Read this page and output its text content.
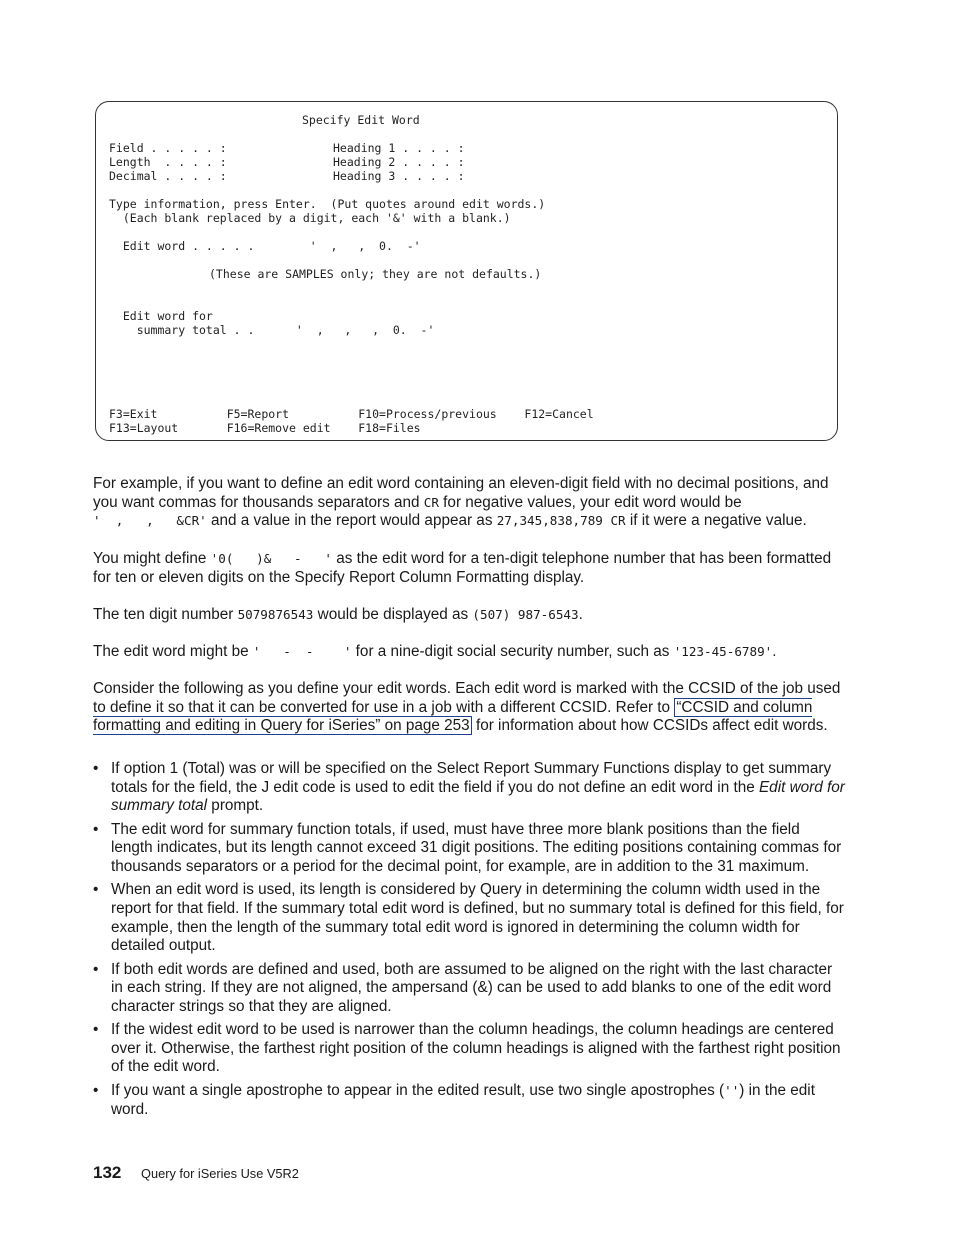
Specify Edit Word
Field . . . . . :
Length  . . . . :
Decimal . . . . :
Heading 1 . . . . :
Heading 2 . . . . :
Heading 3 . . . . :
Type information, press Enter.  (Put quotes around edit words.)
(Each blank replaced by a digit, each '&' with a blank.)
Edit word . . . . .        '  ,   ,  0.  -'
(These are SAMPLES only; they are not defaults.)
Edit word for
summary total . .      '  ,   ,   ,  0.  -'
F3=Exit          F5=Report          F10=Process/previous    F12=Cancel
F13=Layout       F16=Remove edit    F18=Files
For example, if you want to define an edit word containing an eleven-digit field with no decimal positions, and you want commas for thousands separators and CR for negative values, your edit word would be '  ,   ,   &CR' and a value in the report would appear as 27,345,838,789 CR if it were a negative value.
You might define '0(   )&   -   ' as the edit word for a ten-digit telephone number that has been formatted for ten or eleven digits on the Specify Report Column Formatting display.
The ten digit number 5079876543 would be displayed as (507) 987-6543.
The edit word might be '   -  -    ' for a nine-digit social security number, such as '123-45-6789'.
Consider the following as you define your edit words. Each edit word is marked with the CCSID of the job used to define it so that it can be converted for use in a job with a different CCSID. Refer to “CCSID and column formatting and editing in Query for iSeries” on page 253 for information about how CCSIDs affect edit words.
• If option 1 (Total) was or will be specified on the Select Report Summary Functions display to get summary totals for the field, the J edit code is used to edit the field if you do not define an edit word in the Edit word for summary total prompt.
• The edit word for summary function totals, if used, must have three more blank positions than the field length indicates, but its length cannot exceed 31 digit positions. The editing positions containing commas for thousands separators or a period for the decimal point, for example, are in addition to the 31 maximum.
• When an edit word is used, its length is considered by Query in determining the column width used in the report for that field. If the summary total edit word is defined, but no summary total is defined for this field, for example, then the length of the summary total edit word is ignored in determining the column width for detailed output.
• If both edit words are defined and used, both are assumed to be aligned on the right with the last character in each string. If they are not aligned, the ampersand (&) can be used to add blanks to one of the edit word character strings so that they are aligned.
• If the widest edit word to be used is narrower than the column headings, the column headings are centered over it. Otherwise, the farthest right position of the column headings is aligned with the farthest right position of the edit word.
• If you want a single apostrophe to appear in the edited result, use two single apostrophes ('') in the edit word.
132 Query for iSeries Use V5R2
